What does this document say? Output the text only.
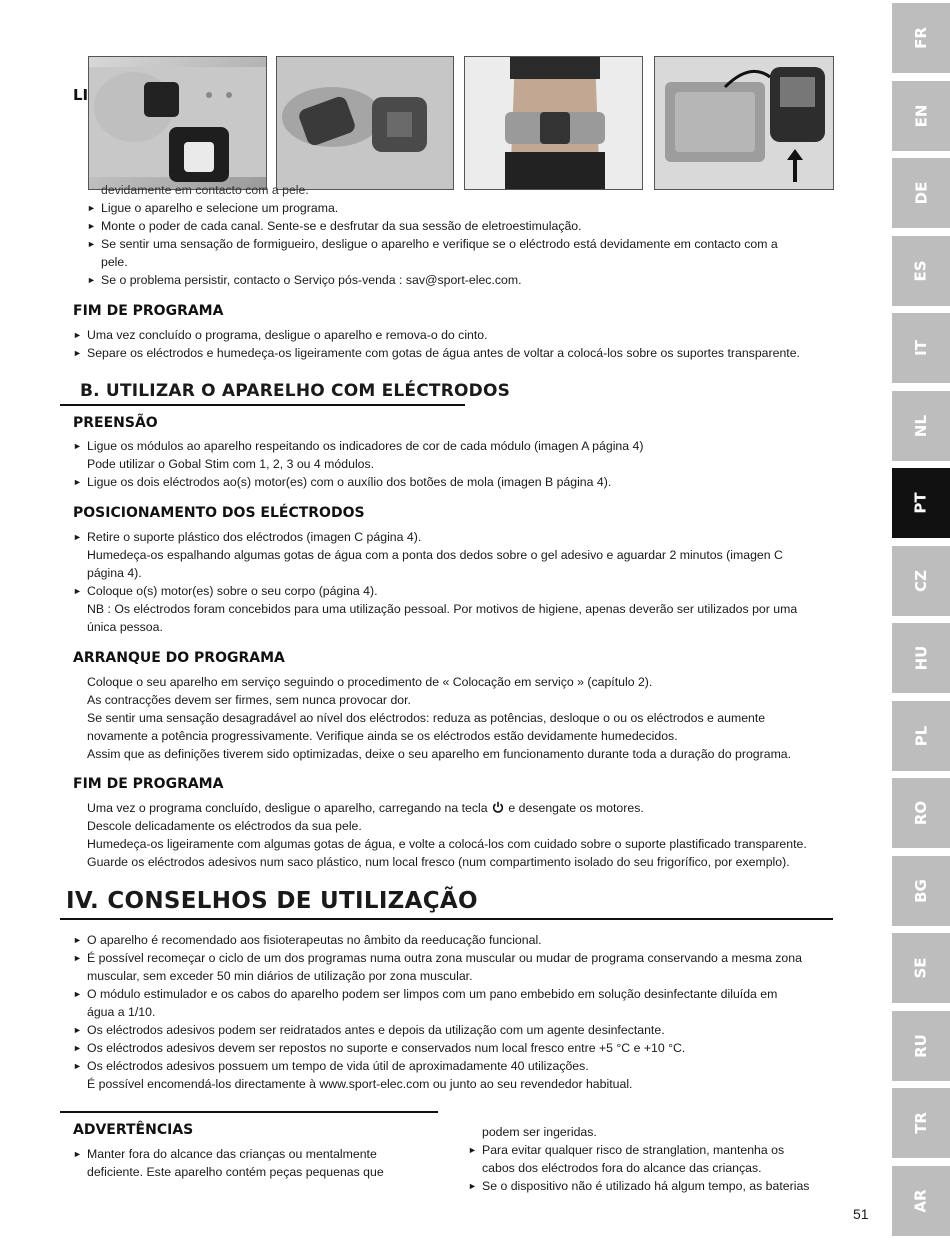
LI
devidamente em contacto com a pele.
► Ligue o aparelho e selecione um programa.
► Monte o poder de cada canal. Sente-se e desfrutar da sua sessão de eletroestimulação.
► Se sentir uma sensação de formigueiro, desligue o aparelho e verifique se o eléctrodo está devidamente em contacto com a
pele.
► Se o problema persistir, contacto o Serviço pós-venda : sav@sport-elec.com.
FIM DE PROGRAMA
► Uma vez concluído o programa, desligue o aparelho e remova-o do cinto.
► Separe os eléctrodos e humedeça-os ligeiramente com gotas de água antes de voltar a colocá-los sobre os suportes transparente.
B. UTILIZAR O APARELHO COM ELÉCTRODOS
PREENSÃO
► Ligue os módulos ao aparelho respeitando os indicadores de cor de cada módulo (imagen A página 4)
Pode utilizar o Gobal Stim com 1, 2, 3 ou 4 módulos.
► Ligue os dois eléctrodos ao(s) motor(es) com o auxílio dos botões de mola (imagen B página 4).
POSICIONAMENTO DOS ELÉCTRODOS
► Retire o suporte plástico dos eléctrodos (imagen C página 4).
Humedeça-os espalhando algumas gotas de água com a ponta dos dedos sobre o gel adesivo e aguardar 2 minutos (imagen C
página 4).
► Coloque o(s) motor(es) sobre o seu corpo (página 4).
NB : Os eléctrodos foram concebidos para uma utilização pessoal. Por motivos de higiene, apenas deverão ser utilizados por uma
única pessoa.
ARRANQUE DO PROGRAMA
Coloque o seu aparelho em serviço seguindo o procedimento de « Colocação em serviço » (capítulo 2).
As contracções devem ser firmes, sem nunca provocar dor.
Se sentir uma sensação desagradável ao nível dos eléctrodos: reduza as potências, desloque o ou os eléctrodos e aumente
novamente a potência progressivamente. Verifique ainda se os eléctrodos estão devidamente humedecidos.
Assim que as definições tiverem sido optimizadas, deixe o seu aparelho em funcionamento durante toda a duração do programa.
FIM DE PROGRAMA
Uma vez o programa concluído, desligue o aparelho, carregando na tecla e desengate os motores.
Descole delicadamente os eléctrodos da sua pele.
Humedeça-os ligeiramente com algumas gotas de água, e volte a colocá-los com cuidado sobre o suporte plastificado transparente.
Guarde os eléctrodos adesivos num saco plástico, num local fresco (num compartimento isolado do seu frigorífico, por exemplo).
IV. CONSELHOS DE UTILIZAÇÃO
► O aparelho é recomendado aos fisioterapeutas no âmbito da reeducação funcional.
► É possível recomeçar o ciclo de um dos programas numa outra zona muscular ou mudar de programa conservando a mesma zona
muscular, sem exceder 50 min diários de utilização por zona muscular.
► O módulo estimulador e os cabos do aparelho podem ser limpos com um pano embebido em solução desinfectante diluída em
água a 1/10.
► Os eléctrodos adesivos podem ser reidratados antes e depois da utilização com um agente desinfectante.
► Os eléctrodos adesivos devem ser repostos no suporte e conservados num local fresco entre +5 °C e +10 °C.
► Os eléctrodos adesivos possuem um tempo de vida útil de aproximadamente 40 utilizações.
É possível encomendá-los directamente à www.sport-elec.com ou junto ao seu revendedor habitual.
ADVERTÊNCIAS
► Manter fora do alcance das crianças ou mentalmente
deficiente. Este aparelho contém peças pequenas que
podem ser ingeridas.
► Para evitar qualquer risco de stranglation, mantenha os
cabos dos eléctrodos fora do alcance das crianças.
► Se o dispositivo não é utilizado há algum tempo, as baterias
51
FR
EN
DE
ES
IT
NL
PT
CZ
HU
PL
RO
BG
SE
RU
TR
AR
